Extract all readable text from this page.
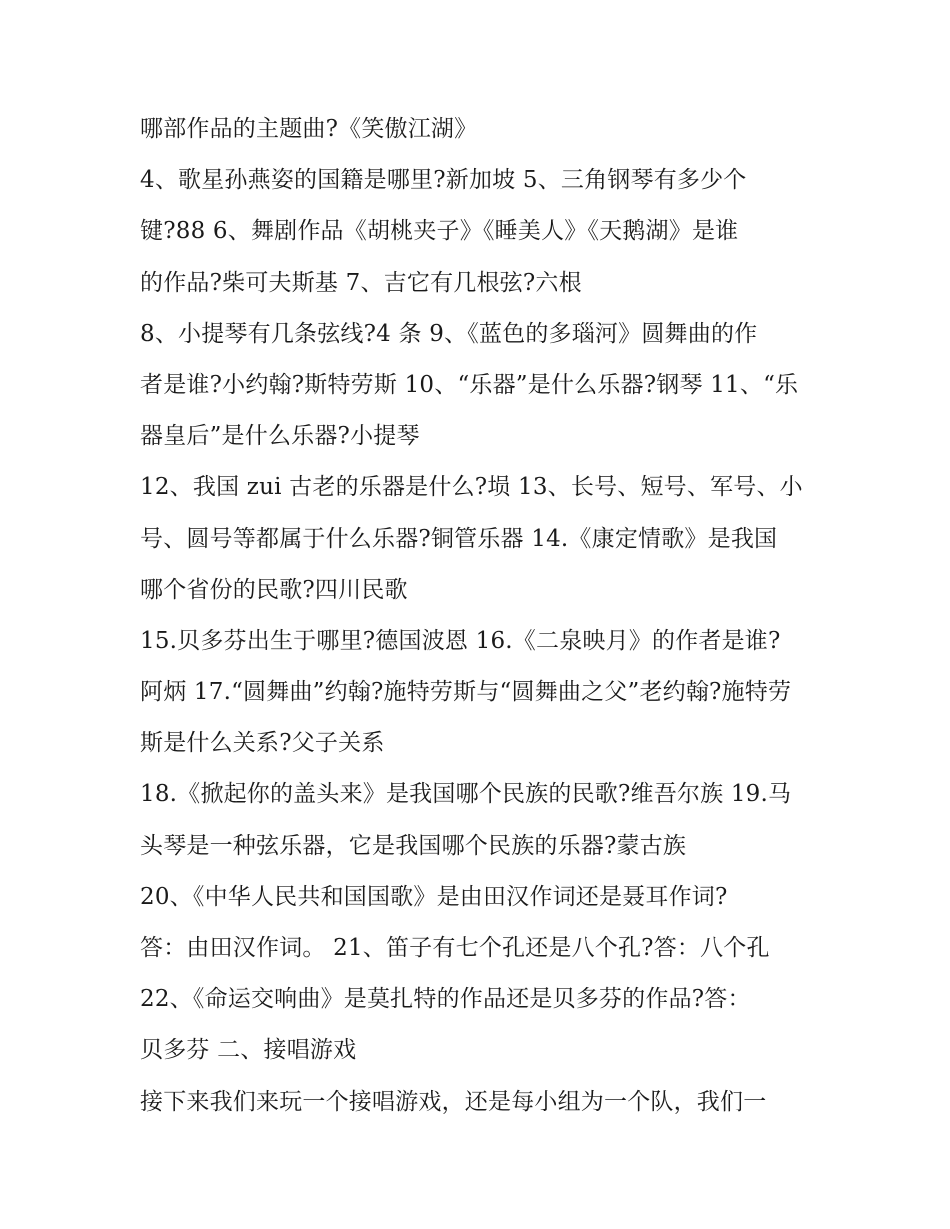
哪部作品的主题曲?《笑傲江湖》
4、歌星孙燕姿的国籍是哪里?新加坡 5、三角钢琴有多少个
键?88 6、舞剧作品《胡桃夹子》《睡美人》《天鹅湖》是谁
的作品?柴可夫斯基 7、吉它有几根弦?六根
8、小提琴有几条弦线?4 条 9、《蓝色的多瑙河》圆舞曲的作
者是谁?小约翰?斯特劳斯 10、“乐器”是什么乐器?钢琴 11、“乐
器皇后”是什么乐器?小提琴
12、我国 zui 古老的乐器是什么?埙 13、长号、短号、军号、小
号、圆号等都属于什么乐器?铜管乐器 14.《康定情歌》是我国
哪个省份的民歌?四川民歌
15.贝多芬出生于哪里?德国波恩 16.《二泉映月》的作者是谁?
阿炳 17.“圆舞曲”约翰?施特劳斯与“圆舞曲之父”老约翰?施特劳
斯是什么关系?父子关系
18.《掀起你的盖头来》是我国哪个民族的民歌?维吾尔族 19.马
头琴是一种弦乐器，它是我国哪个民族的乐器?蒙古族
20、《中华人民共和国国歌》是由田汉作词还是聂耳作词?
答：由田汉作词。 21、笛子有七个孔还是八个孔?答：八个孔
22、《命运交响曲》是莫扎特的作品还是贝多芬的作品?答：
贝多芬 二、接唱游戏
接下来我们来玩一个接唱游戏，还是每小组为一个队，我们一
